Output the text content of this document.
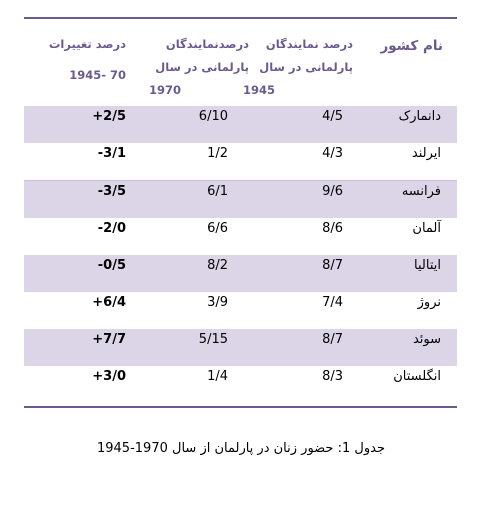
نام کشور
درصد نمایندگان
پارلمانی در سال
1945
درصدنمایندگان
پارلمانی در سال
1970
درصد تغییرات
70 -1945
دانمارک
4/5
6/10
+2/5
ایرلند
4/3
1/2
-3/1
فرانسه
9/6
6/1
-3/5
آلمان
8/6
6/6
-2/0
ایتالیا
8/7
8/2
-0/5
نروژ
7/4
3/9
+6/4
سوئد
8/7
5/15
+7/7
انگلستان
8/3
1/4
+3/0
جدول 1: حضور زنان در پارلمان از سال 1970-1945
